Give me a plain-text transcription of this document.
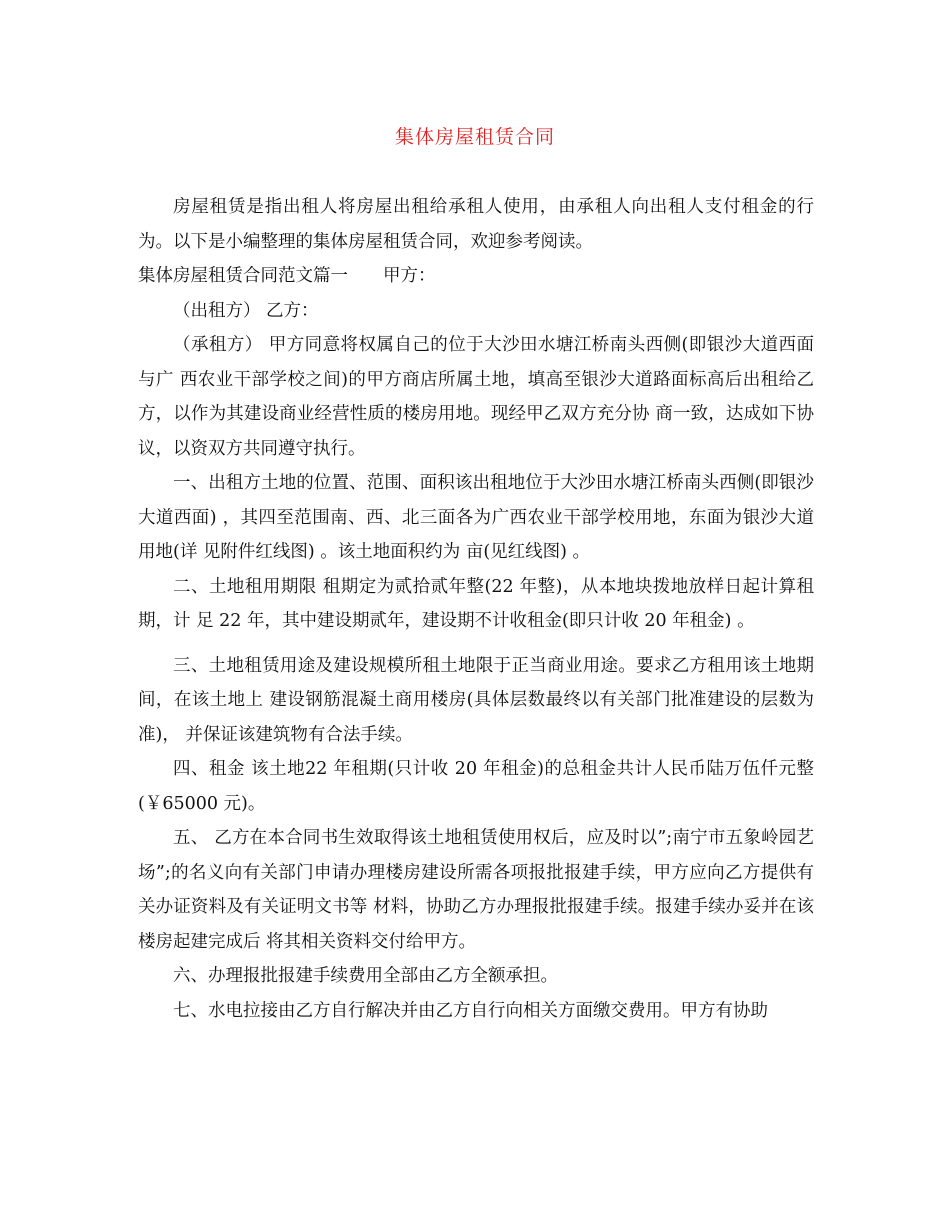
集体房屋租赁合同

房屋租赁是指出租人将房屋出租给承租人使用，由承租人向出租人支付租金的行为。以下是小编整理的集体房屋租赁合同，欢迎参考阅读。

集体房屋租赁合同范文篇一　　甲方：

（出租方） 乙方：

（承租方） 甲方同意将权属自己的位于大沙田水塘江桥南头西侧(即银沙大道西面与广 西农业干部学校之间)的甲方商店所属土地，填高至银沙大道路面标高后出租给乙方，以作为其建设商业经营性质的楼房用地。现经甲乙双方充分协 商一致，达成如下协议，以资双方共同遵守执行。

一、出租方土地的位置、范围、面积该出租地位于大沙田水塘江桥南头西侧(即银沙大道西面) ，其四至范围南、西、北三面各为广西农业干部学校用地，东面为银沙大道用地(详 见附件红线图) 。该土地面积约为 亩(见红线图) 。

二、土地租用期限 租期定为贰拾贰年整(22 年整)，从本地块拨地放样日起计算租期，计 足 22 年，其中建设期贰年，建设期不计收租金(即只计收 20 年租金) 。

三、土地租赁用途及建设规模所租土地限于正当商业用途。要求乙方租用该土地期间，在该土地上 建设钢筋混凝土商用楼房(具体层数最终以有关部门批准建设的层数为准)， 并保证该建筑物有合法手续。

四、租金 该土地22 年租期(只计收 20 年租金)的总租金共计人民币陆万伍仟元整(￥65000 元)。

五、 乙方在本合同书生效取得该土地租赁使用权后，应及时以”;南宁市五象岭园艺场”;的名义向有关部门申请办理楼房建设所需各项报批报建手续，甲方应向乙方提供有关办证资料及有关证明文书等 材料，协助乙方办理报批报建手续。报建手续办妥并在该楼房起建完成后 将其相关资料交付给甲方。

六、办理报批报建手续费用全部由乙方全额承担。

七、水电拉接由乙方自行解决并由乙方自行向相关方面缴交费用。甲方有协助
